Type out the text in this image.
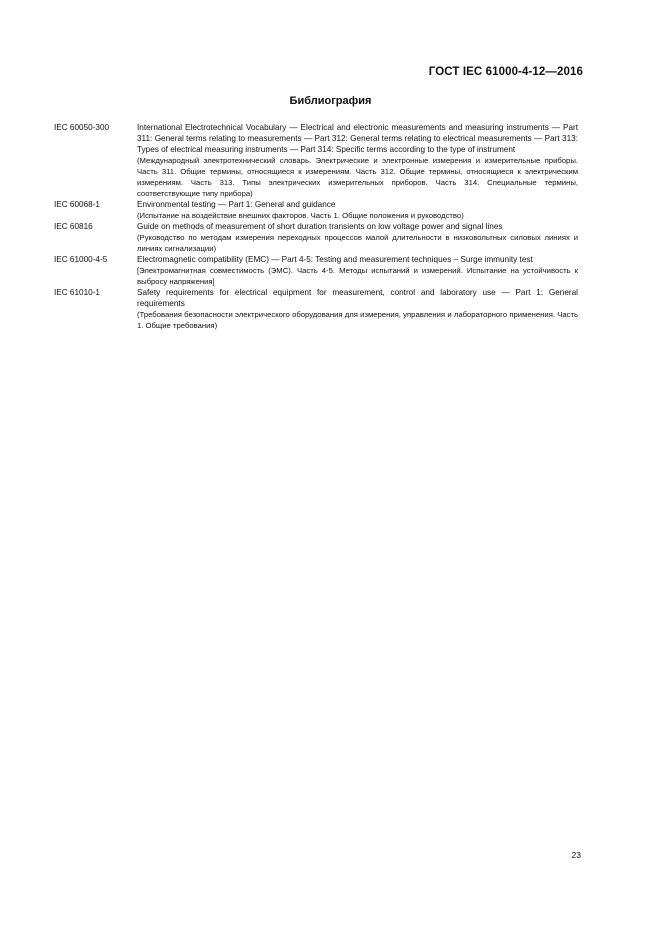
ГОСТ IEC 61000-4-12—2016
Библиография
IEC 60050-300	International Electrotechnical Vocabulary — Electrical and electronic measurements and measuring instruments — Part 311: General terms relating to measurements — Part 312: General terms relating to electrical measurements — Part 313: Types of electrical measuring instruments — Part 314: Specific terms according to the type of instrument
(Международный электротехнический словарь. Электрические и электронные измерения и измерительные приборы. Часть 311. Общие термины, относящиеся к измерениям. Часть 312. Общие термины, относящиеся к электрическим измерениям. Часть 313. Типы электрических измерительных приборов. Часть 314. Специальные термины, соответствующие типу прибора)
IEC 60068-1	Environmental testing — Part 1: General and guidance
(Испытание на воздействие внешних факторов. Часть 1. Общие положения и руководство)
IEC 60816	Guide on methods of measurement of short duration transients on low voltage power and signal lines
(Руководство по методам измерения переходных процессов малой длительности в низковольтных силовых линиях и линиях сигнализации)
IEC 61000-4-5	Electromagnetic compatibility (EMC) — Part 4-5: Testing and measurement techniques – Surge immunity test
[Электромагнитная совместимость (ЭМС). Часть 4-5. Методы испытаний и измерений. Испытание на устойчивость к выбросу напряжения]
IEC 61010-1	Safety requirements for electrical equipment for measurement, control and laboratory use — Part 1: General requirements
(Требования безопасности электрического оборудования для измерения, управления и лабораторного применения. Часть 1. Общие требования)
23
